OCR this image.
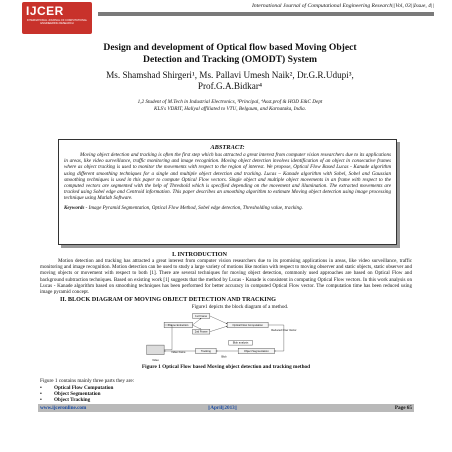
IJCER
INTERNATIONAL JOURNAL OF COMPUTATIONAL ENGINEERING RESEARCH
International Journal of Computational Engineering Research||Vol, 03||Issue, 4||
Design and development of Optical flow based Moving Object
Detection and Tracking (OMODT) System
Ms. Shamshad Shirgeri¹, Ms. Pallavi Umesh Naik², Dr.G.R.Udupi³,
Prof.G.A.Bidkar⁴
1,2 Student of M.Tech in Industrial Electronics, ³Principal, ⁴Asst.prof & HOD E&C Dept
KLS's VDRIT, Haliyal affiliated to VTU, Belgaum, and Karnataka, India.
ABSTRACT:
Moving object detection and tracking is often the first step which has attracted a great interest from computer vision researchers due to its applications in areas, like video surveillance, traffic monitoring and image recognition. Moving object detection involves identification of an object in consecutive frames where as object tracking is used to monitor the movements with respect to the region of interest. We propose, Optical Flow Based Lucas - Kanade algorithm using different smoothing techniques for a single and multiple object detection and tracking. Lucas – Kanade algorithm with Sobel, Sobel and Gaussian smoothing techniques is used in this paper to compute Optical Flow vectors. Single object and multiple object movements in an frame with respect to the computed vectors are segmented with the help of Threshold which is specified depending on the movement and illumination. The extracted movements are tracked using Sobel edge and Centroid information. This paper describes an smoothing algorithm to estimate Moving object detection using image processing technique using Matlab Software.
Keywords - Image Pyramid Segmentation, Optical Flow Method, Sobel edge detection, Thresholding value, tracking.
I. INTRODUCTION
Motion detection and tracking has attracted a great interest from computer vision researchers due to its promising applications in areas, like video surveillance, traffic monitoring and image recognition. Motion detection can be used to study a large variety of motions like motion with respect to moving observer and static objects, static observer and moving objects or movement with respect to both [1]. There are several techniques for moving object detection, commonly used approaches are based on Optical Flow and background subtraction techniques. Based on existing work [1] suggests that the method by Lucas - Kanade is consistent in computing Optical Flow vectors. In this work analysis on Lucas - Kanade algorithm based on smoothing techniques has been performed for better accuracy in computed Optical Flow vector. The computation time has been reduced using image pyramid concept.
II. BLOCK DIAGRAM OF MOVING OBJECT DETECTION AND TRACKING
Figure1 depicts the block diagram of a method.
1st Frame
Frame Extraction	Optical Flow Computation
2nd Frame
Reduced Flow Vector
Video
Video frame	Tracking	Object Segmentation
Blob analysis
Blob
Figure 1 Optical Flow based Moving object detection and tracking method
Figure 1 contains mainly three parts they are:
• Optical Flow Computation
• Object Segmentation
• Object Tracking
www.ijceronline.com	||April||2013||	Page 65
